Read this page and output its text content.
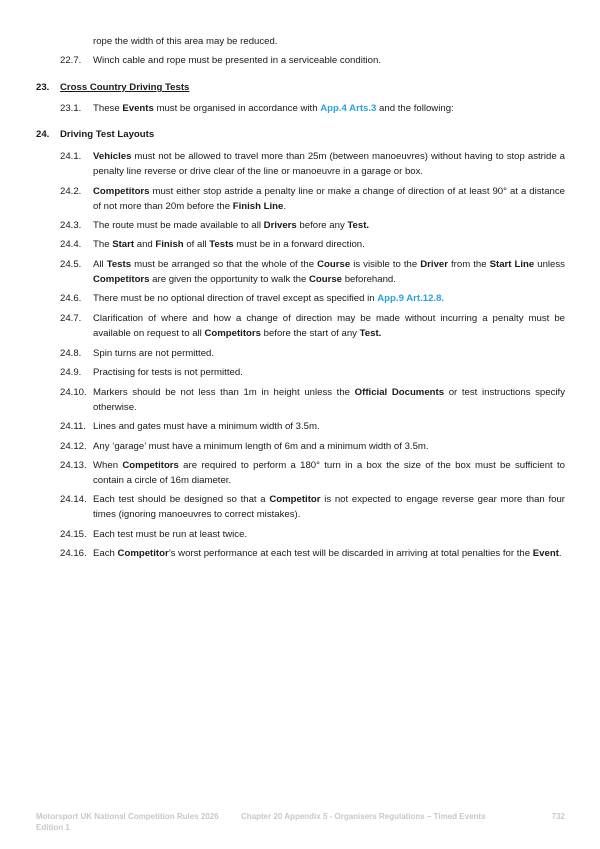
rope the width of this area may be reduced.
22.7.	Winch cable and rope must be presented in a serviceable condition.
23. Cross Country Driving Tests
23.1.	These Events must be organised in accordance with App.4 Arts.3 and the following:
24. Driving Test Layouts
24.1.	Vehicles must not be allowed to travel more than 25m (between manoeuvres) without having to stop astride a penalty line reverse or drive clear of the line or manoeuvre in a garage or box.
24.2.	Competitors must either stop astride a penalty line or make a change of direction of at least 90° at a distance of not more than 20m before the Finish Line.
24.3.	The route must be made available to all Drivers before any Test.
24.4.	The Start and Finish of all Tests must be in a forward direction.
24.5.	All Tests must be arranged so that the whole of the Course is visible to the Driver from the Start Line unless Competitors are given the opportunity to walk the Course beforehand.
24.6.	There must be no optional direction of travel except as specified in App.9 Art.12.8.
24.7.	Clarification of where and how a change of direction may be made without incurring a penalty must be available on request to all Competitors before the start of any Test.
24.8.	Spin turns are not permitted.
24.9.	Practising for tests is not permitted.
24.10. Markers should be not less than 1m in height unless the Official Documents or test instructions specify otherwise.
24.11. Lines and gates must have a minimum width of 3.5m.
24.12. Any ‘garage’ must have a minimum length of 6m and a minimum width of 3.5m.
24.13. When Competitors are required to perform a 180° turn in a box the size of the box must be sufficient to contain a circle of 16m diameter.
24.14. Each test should be designed so that a Competitor is not expected to engage reverse gear more than four times (ignoring manoeuvres to correct mistakes).
24.15. Each test must be run at least twice.
24.16. Each Competitor’s worst performance at each test will be discarded in arriving at total penalties for the Event.
Motorsport UK National Competition Rules 2026
Edition 1
Chapter 20 Appendix 5 - Organisers Regulations – Timed Events	732
